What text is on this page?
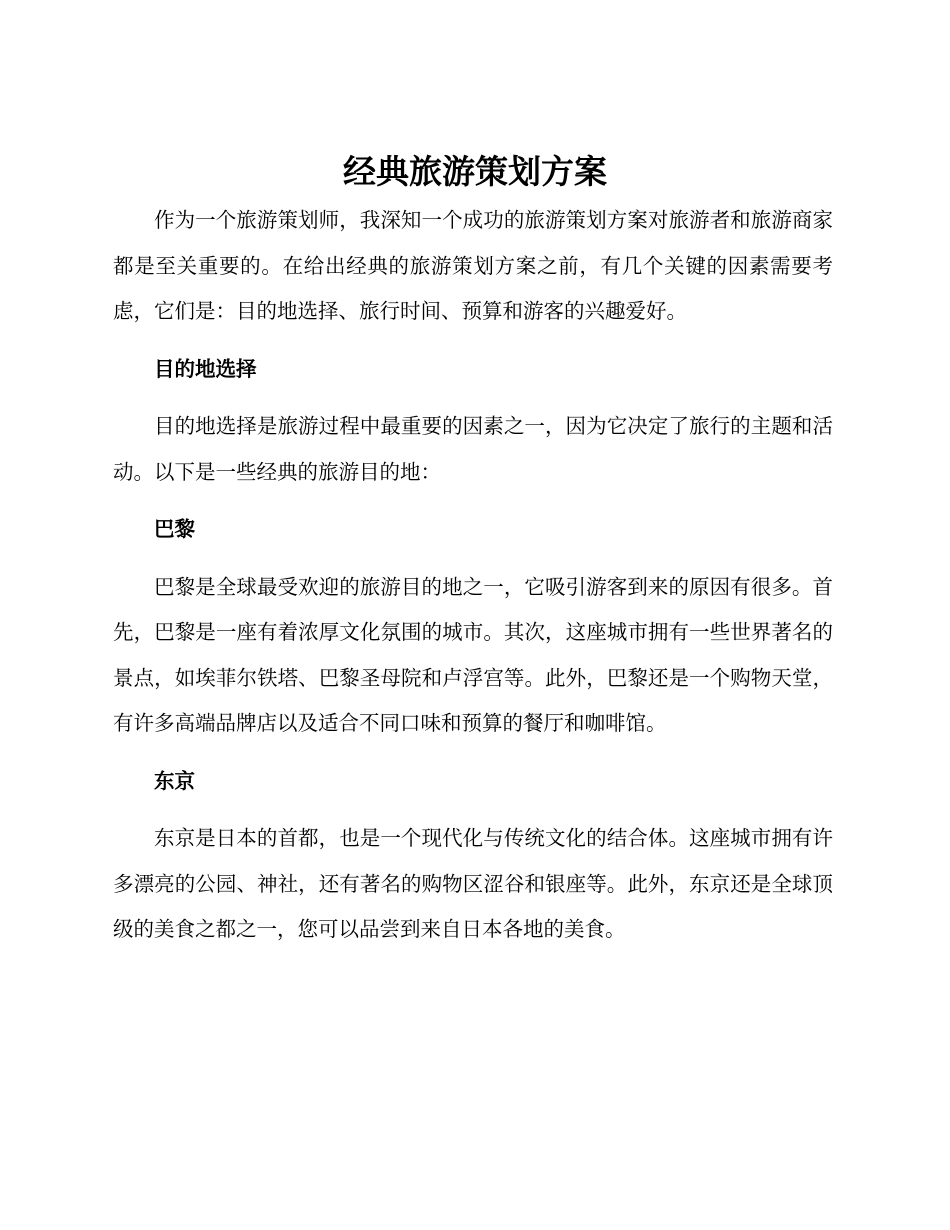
经典旅游策划方案

作为一个旅游策划师，我深知一个成功的旅游策划方案对旅游者和旅游商家都是至关重要的。在给出经典的旅游策划方案之前，有几个关键的因素需要考虑，它们是：目的地选择、旅行时间、预算和游客的兴趣爱好。

目的地选择

目的地选择是旅游过程中最重要的因素之一，因为它决定了旅行的主题和活动。以下是一些经典的旅游目的地：

巴黎

巴黎是全球最受欢迎的旅游目的地之一，它吸引游客到来的原因有很多。首先，巴黎是一座有着浓厚文化氛围的城市。其次，这座城市拥有一些世界著名的景点，如埃菲尔铁塔、巴黎圣母院和卢浮宫等。此外，巴黎还是一个购物天堂，有许多高端品牌店以及适合不同口味和预算的餐厅和咖啡馆。

东京

东京是日本的首都，也是一个现代化与传统文化的结合体。这座城市拥有许多漂亮的公园、神社，还有著名的购物区涩谷和银座等。此外，东京还是全球顶级的美食之都之一，您可以品尝到来自日本各地的美食。
